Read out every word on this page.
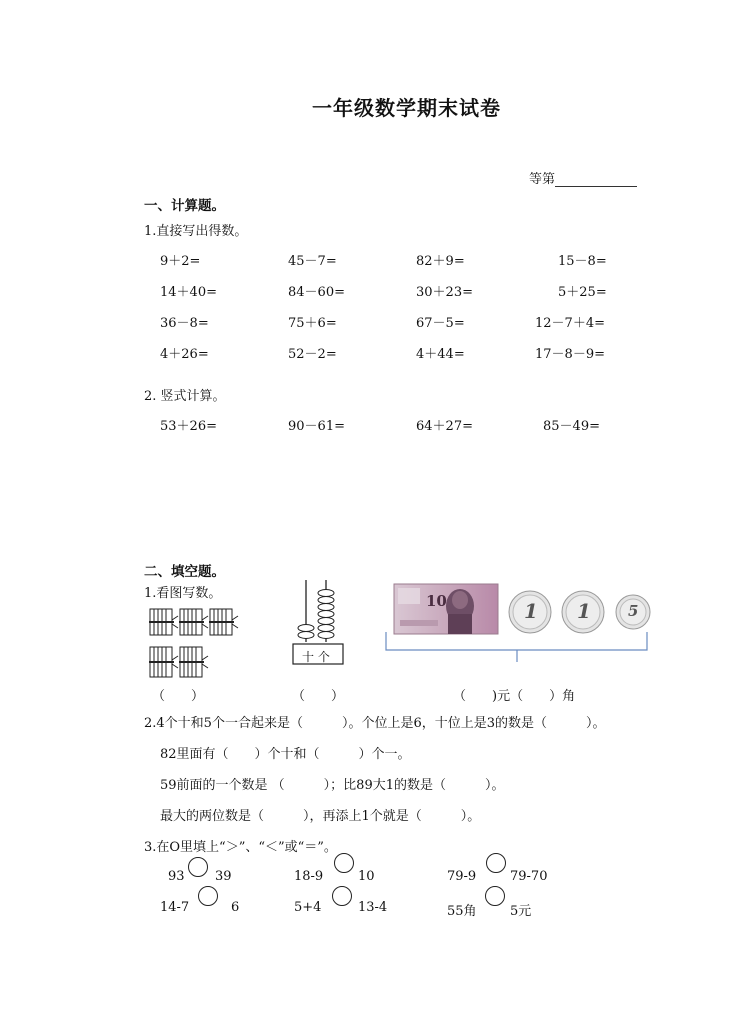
一年级数学期末试卷
等第
一、计算题。
1.直接写出得数。
9＋2=	45－7=	82＋9=	15－8=
14＋40=	84－60=	30＋23=	5＋25=
36－8=	75＋6=	67－5=	12－7＋4=
4＋26=	52－2=	4＋44=	17－8－9=
2. 竖式计算。
53＋26=	90－61=	64＋27=	85－49=
二、填空题。
1.看图写数。
十 个
10	1 1 5
（　　）	（　　）	（　　)元（　　）角
2.4个十和5个一合起来是（　　　）。个位上是6，十位上是3的数是（　　　）。
82里面有（　　）个十和（　　　）个一。
59前面的一个数是 （　　　）；比89大1的数是（　　　）。
最大的两位数是（　　　），再添上1个就是（　　　）。
3.在O里填上“＞”、“＜”或“＝”。
93 39	18-9	10	79-9	79-70
14-7	6	5+4	13-4	55角	5元
